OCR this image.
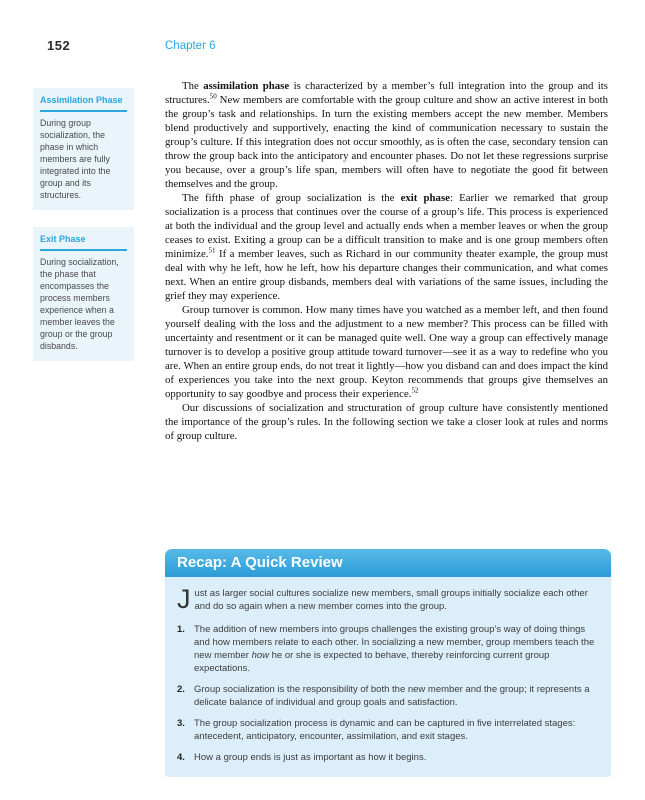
152	Chapter 6
Assimilation Phase
During group socialization, the phase in which members are fully integrated into the group and its structures.
Exit Phase
During socialization, the phase that encompasses the process members experience when a member leaves the group or the group disbands.

The assimilation phase is characterized by a member’s full integration into the group and its structures.$^{50}$ New members are comfortable with the group culture and show an active interest in both the group’s task and relationships. In turn the existing members accept the new member. Members blend productively and supportively, enacting the kind of communication necessary to sustain the group’s culture. If this integration does not occur smoothly, as is often the case, secondary tension can throw the group back into the anticipatory and encounter phases. Do not let these regressions surprise you because, over a group’s life span, members will often have to negotiate the good fit between themselves and the group.

The fifth phase of group socialization is the exit phase: Earlier we remarked that group socialization is a process that continues over the course of a group’s life. This process is experienced at both the individual and the group level and actually ends when a member leaves or when the group ceases to exist. Exiting a group can be a difficult transition to make and is one group members often minimize.$^{51}$ If a member leaves, such as Richard in our community theater example, the group must deal with why he left, how he left, how his departure changes their communication, and what comes next. When an entire group disbands, members deal with variations of the same issues, including the grief they may experience.

Group turnover is common. How many times have you watched as a member left, and then found yourself dealing with the loss and the adjustment to a new member? This process can be filled with uncertainty and resentment or it can be managed quite well. One way a group can effectively manage turnover is to develop a positive group attitude toward turnover—see it as a way to redefine who you are. When an entire group ends, do not treat it lightly—how you disband can and does impact the kind of experiences you take into the next group. Keyton recommends that groups give themselves an opportunity to say goodbye and process their experience.$^{52}$

Our discussions of socialization and structuration of group culture have consistently mentioned the importance of the group’s rules. In the following section we take a closer look at rules and norms of group culture.

Recap: A Quick Review

Just as larger social cultures socialize new members, small groups initially socialize each other and do so again when a new member comes into the group.

1. The addition of new members into groups challenges the existing group’s way of doing things and how members relate to each other. In socializing a new member, group members teach the new member how he or she is expected to behave, thereby reinforcing current group expectations.
2. Group socialization is the responsibility of both the new member and the group; it represents a delicate balance of individual and group goals and satisfaction.
3. The group socialization process is dynamic and can be captured in five interrelated stages: antecedent, anticipatory, encounter, assimilation, and exit stages.
4. How a group ends is just as important as how it begins.
